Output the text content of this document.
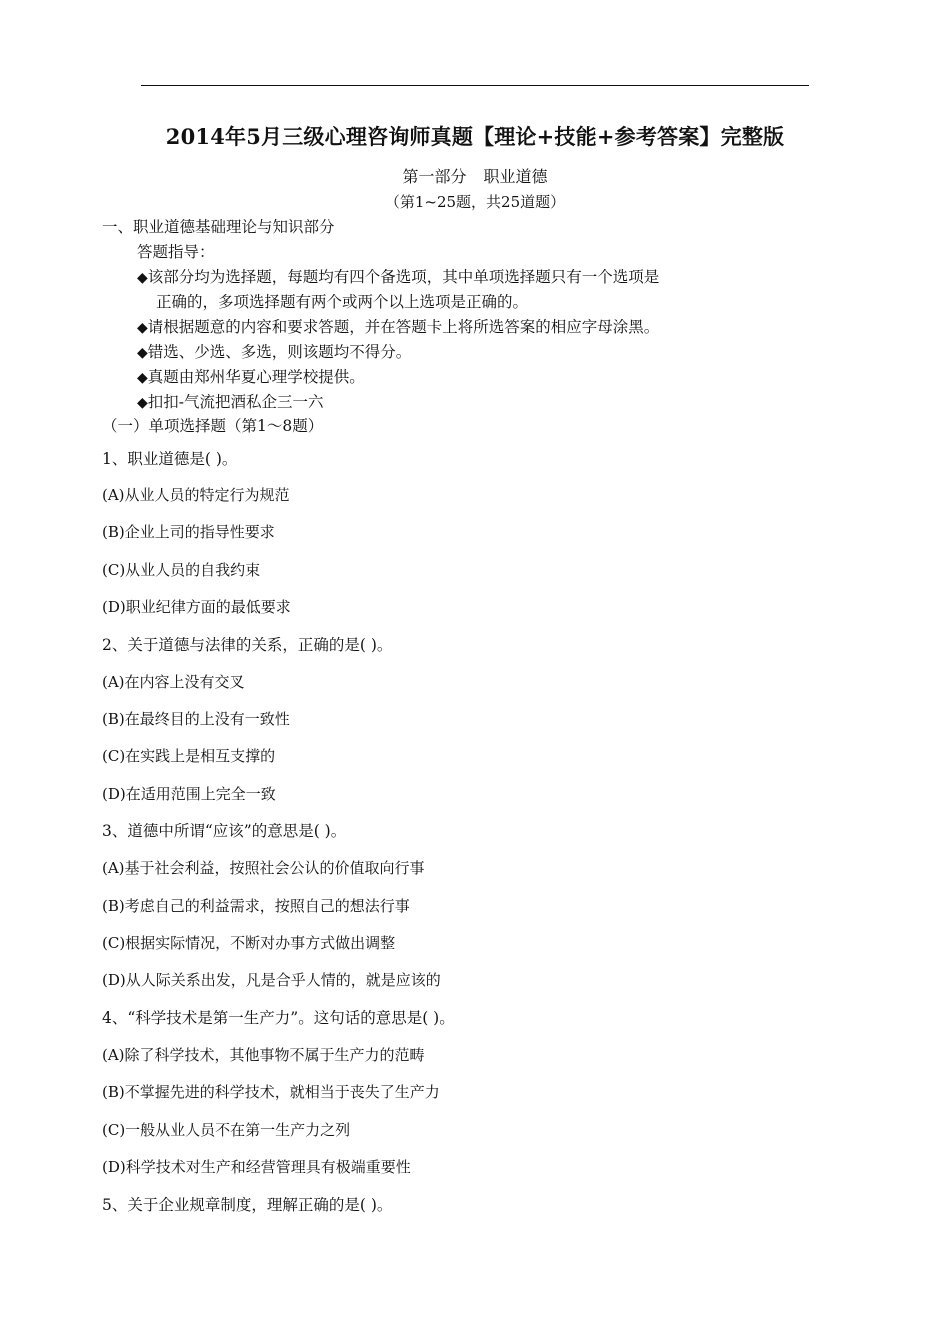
2014年5月三级心理咨询师真题【理论+技能+参考答案】完整版
第一部分 职业道德
（第1~25题，共25道题）
一、职业道德基础理论与知识部分
答题指导：
◆该部分均为选择题，每题均有四个备选项，其中单项选择题只有一个选项是
正确的，多项选择题有两个或两个以上选项是正确的。
◆请根据题意的内容和要求答题，并在答题卡上将所选答案的相应字母涂黑。
◆错选、少选、多选，则该题均不得分。
◆真题由郑州华夏心理学校提供。
◆扣扣-气流把酒私企三一六
（一）单项选择题（第1～8题）
1、职业道德是( )。
(A)从业人员的特定行为规范
(B)企业上司的指导性要求
(C)从业人员的自我约束
(D)职业纪律方面的最低要求
2、关于道德与法律的关系，正确的是( )。
(A)在内容上没有交叉
(B)在最终目的上没有一致性
(C)在实践上是相互支撑的
(D)在适用范围上完全一致
3、道德中所谓“应该”的意思是( )。
(A)基于社会利益，按照社会公认的价值取向行事
(B)考虑自己的利益需求，按照自己的想法行事
(C)根据实际情况，不断对办事方式做出调整
(D)从人际关系出发，凡是合乎人情的，就是应该的
4、“科学技术是第一生产力”。这句话的意思是( )。
(A)除了科学技术，其他事物不属于生产力的范畴
(B)不掌握先进的科学技术，就相当于丧失了生产力
(C)一般从业人员不在第一生产力之列
(D)科学技术对生产和经营管理具有极端重要性
5、关于企业规章制度，理解正确的是( )。
